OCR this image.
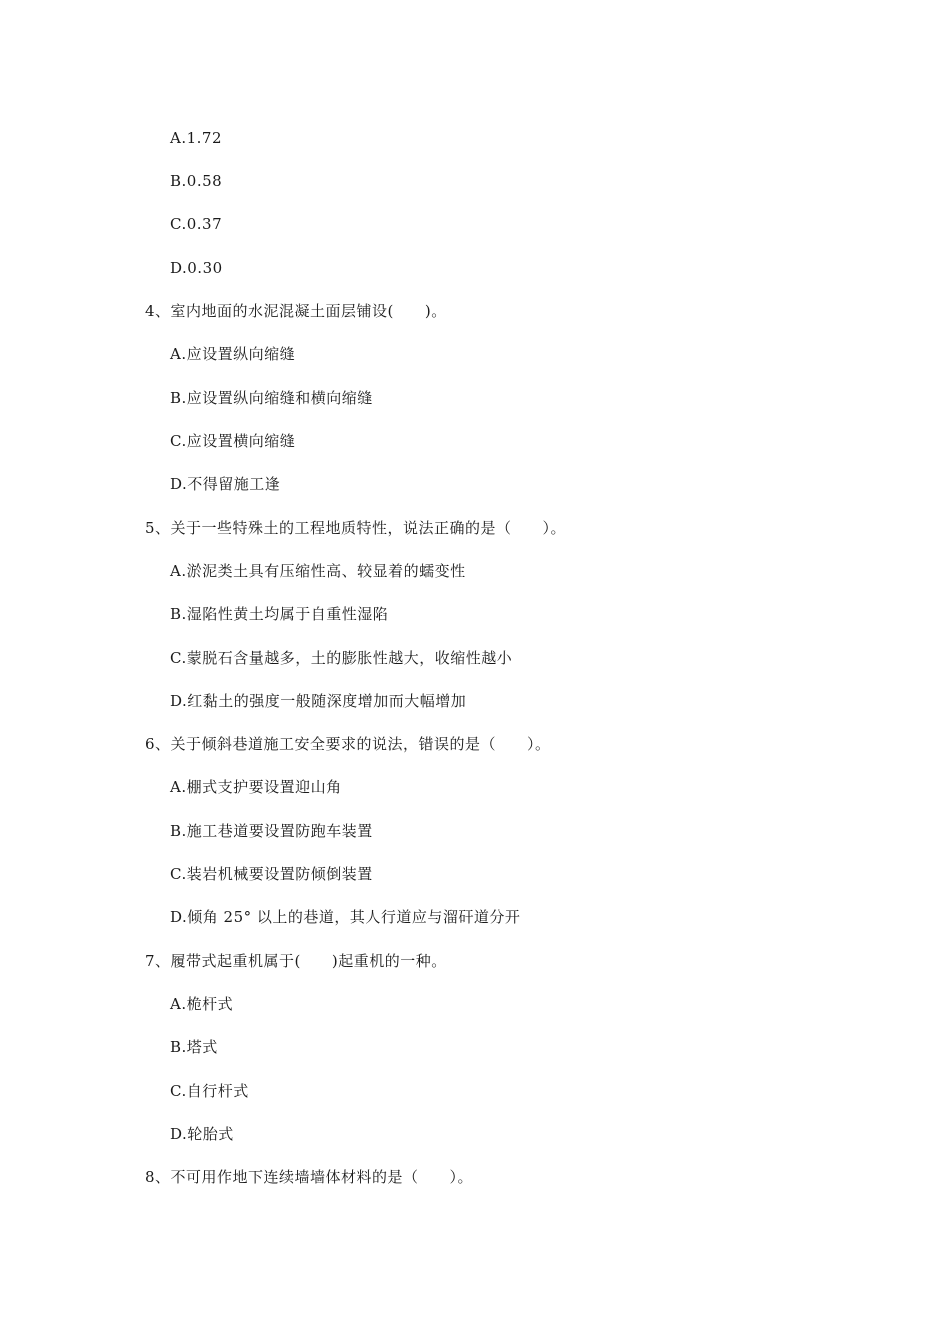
A.1.72
B.0.58
C.0.37
D.0.30
4、室内地面的水泥混凝土面层铺设(　　)。
A.应设置纵向缩缝
B.应设置纵向缩缝和横向缩缝
C.应设置横向缩缝
D.不得留施工逢
5、关于一些特殊土的工程地质特性，说法正确的是（　　）。
A.淤泥类土具有压缩性高、较显着的蠕变性
B.湿陷性黄土均属于自重性湿陷
C.蒙脱石含量越多，土的膨胀性越大，收缩性越小
D.红黏土的强度一般随深度增加而大幅增加
6、关于倾斜巷道施工安全要求的说法，错误的是（　　）。
A.棚式支护要设置迎山角
B.施工巷道要设置防跑车装置
C.装岩机械要设置防倾倒装置
D.倾角 25° 以上的巷道，其人行道应与溜矸道分开
7、履带式起重机属于(　　)起重机的一种。
A.桅杆式
B.塔式
C.自行杆式
D.轮胎式
8、不可用作地下连续墙墙体材料的是（　　）。
